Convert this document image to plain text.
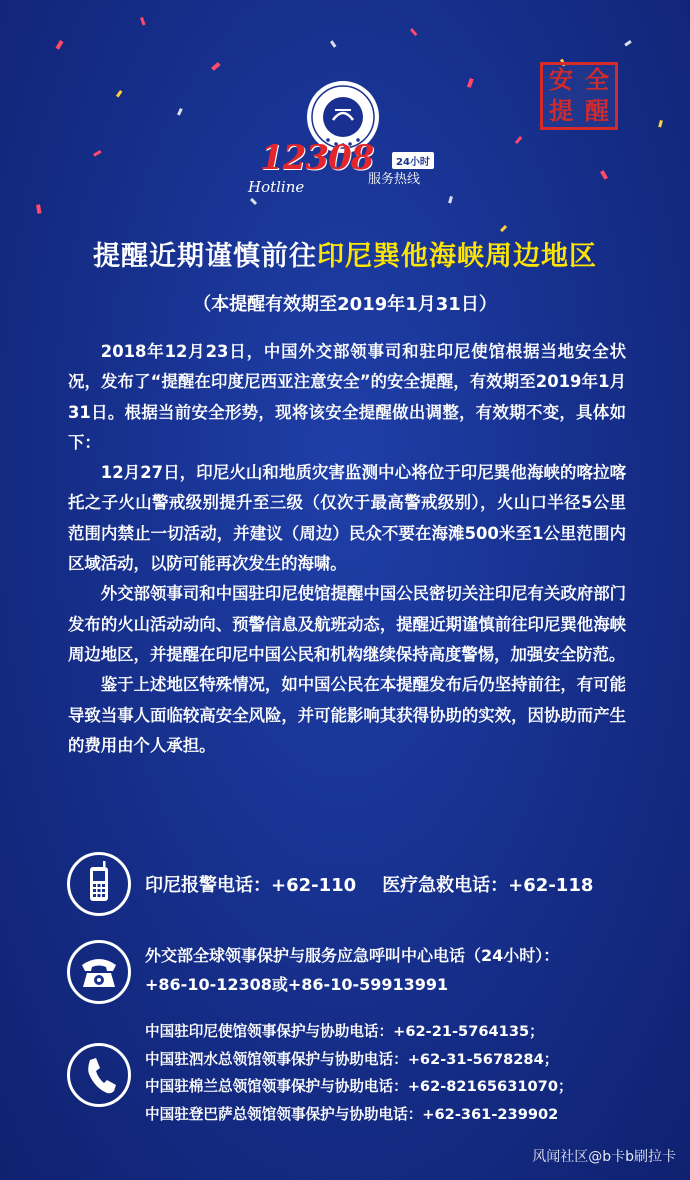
12308
Hotline
24小时
服务热线
安 全
提 醒
提醒近期谨慎前往印尼巽他海峡周边地区
（本提醒有效期至2019年1月31日）

2018年12月23日，中国外交部领事司和驻印尼使馆根据当地安全状况，发布了“提醒在印度尼西亚注意安全”的安全提醒，有效期至2019年1月31日。根据当前安全形势，现将该安全提醒做出调整，有效期不变，具体如下：

12月27日，印尼火山和地质灾害监测中心将位于印尼巽他海峡的喀拉喀托之子火山警戒级别提升至三级（仅次于最高警戒级别），火山口半径5公里范围内禁止一切活动，并建议（周边）民众不要在海滩500米至1公里范围内区域活动，以防可能再次发生的海啸。

外交部领事司和中国驻印尼使馆提醒中国公民密切关注印尼有关政府部门发布的火山活动动向、预警信息及航班动态，提醒近期谨慎前往印尼巽他海峡周边地区，并提醒在印尼中国公民和机构继续保持高度警惕，加强安全防范。

鉴于上述地区特殊情况，如中国公民在本提醒发布后仍坚持前往，有可能导致当事人面临较高安全风险，并可能影响其获得协助的实效，因协助而产生的费用由个人承担。

印尼报警电话：+62-110 医疗急救电话：+62-118
外交部全球领事保护与服务应急呼叫中心电话（24小时）：
+86-10-12308或+86-10-59913991
中国驻印尼使馆领事保护与协助电话：+62-21-5764135；
中国驻泗水总领馆领事保护与协助电话：+62-31-5678284；
中国驻棉兰总领馆领事保护与协助电话：+62-82165631070；
中国驻登巴萨总领馆领事保护与协助电话：+62-361-239902
风闻社区@b卡b刷拉卡
